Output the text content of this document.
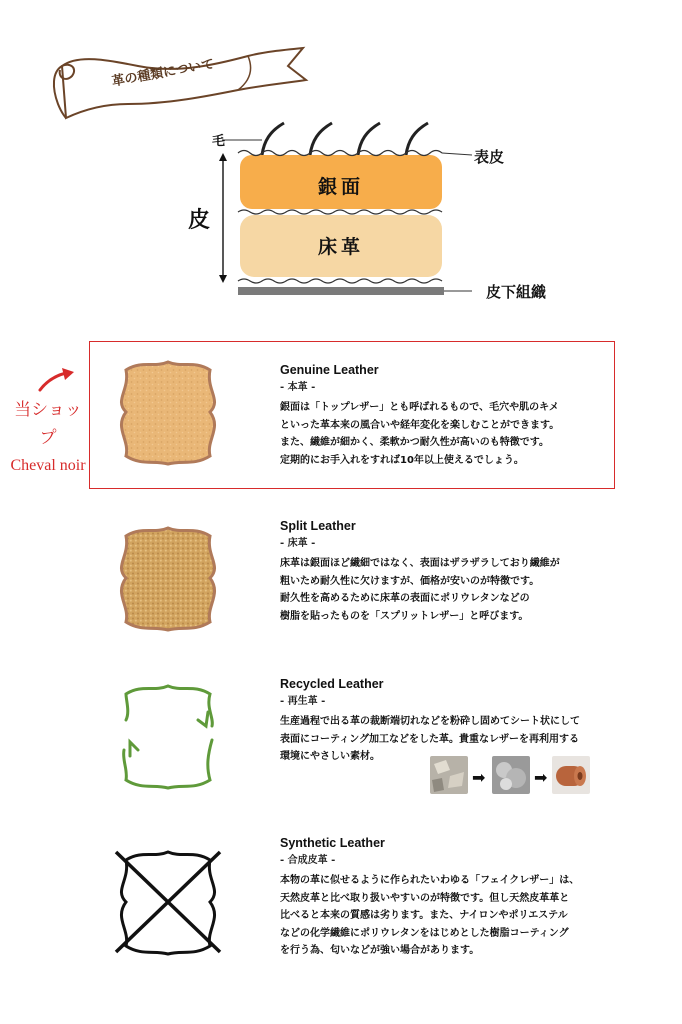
革の種類について
毛
表皮
銀面
床革
皮
皮下組織
当ショップ
Cheval noir
Genuine Leather
- 本革 -
銀面は「トップレザー」とも呼ばれるもので、毛穴や肌のキメ
といった革本来の風合いや経年変化を楽しむことができます。
また、繊維が細かく、柔軟かつ耐久性が高いのも特徴です。
定期的にお手入れをすれば10年以上使えるでしょう。
Split Leather
- 床革 -
床革は銀面ほど繊細ではなく、表面はザラザラしており繊維が
粗いため耐久性に欠けますが、価格が安いのが特徴です。
耐久性を高めるために床革の表面にポリウレタンなどの
樹脂を貼ったものを「スプリットレザー」と呼びます。
Recycled Leather
- 再生革 -
生産過程で出る革の裁断端切れなどを粉砕し固めてシート状にして
表面にコーティング加工などをした革。貴重なレザーを再利用する
環境にやさしい素材。
➡	➡
Synthetic Leather
- 合成皮革 -
本物の革に似せるように作られたいわゆる「フェイクレザー」は、
天然皮革と比べ取り扱いやすいのが特徴です。但し天然皮革革と
比べると本来の質感は劣ります。また、ナイロンやポリエステル
などの化学繊維にポリウレタンをはじめとした樹脂コーティング
を行う為、匂いなどが強い場合があります。
